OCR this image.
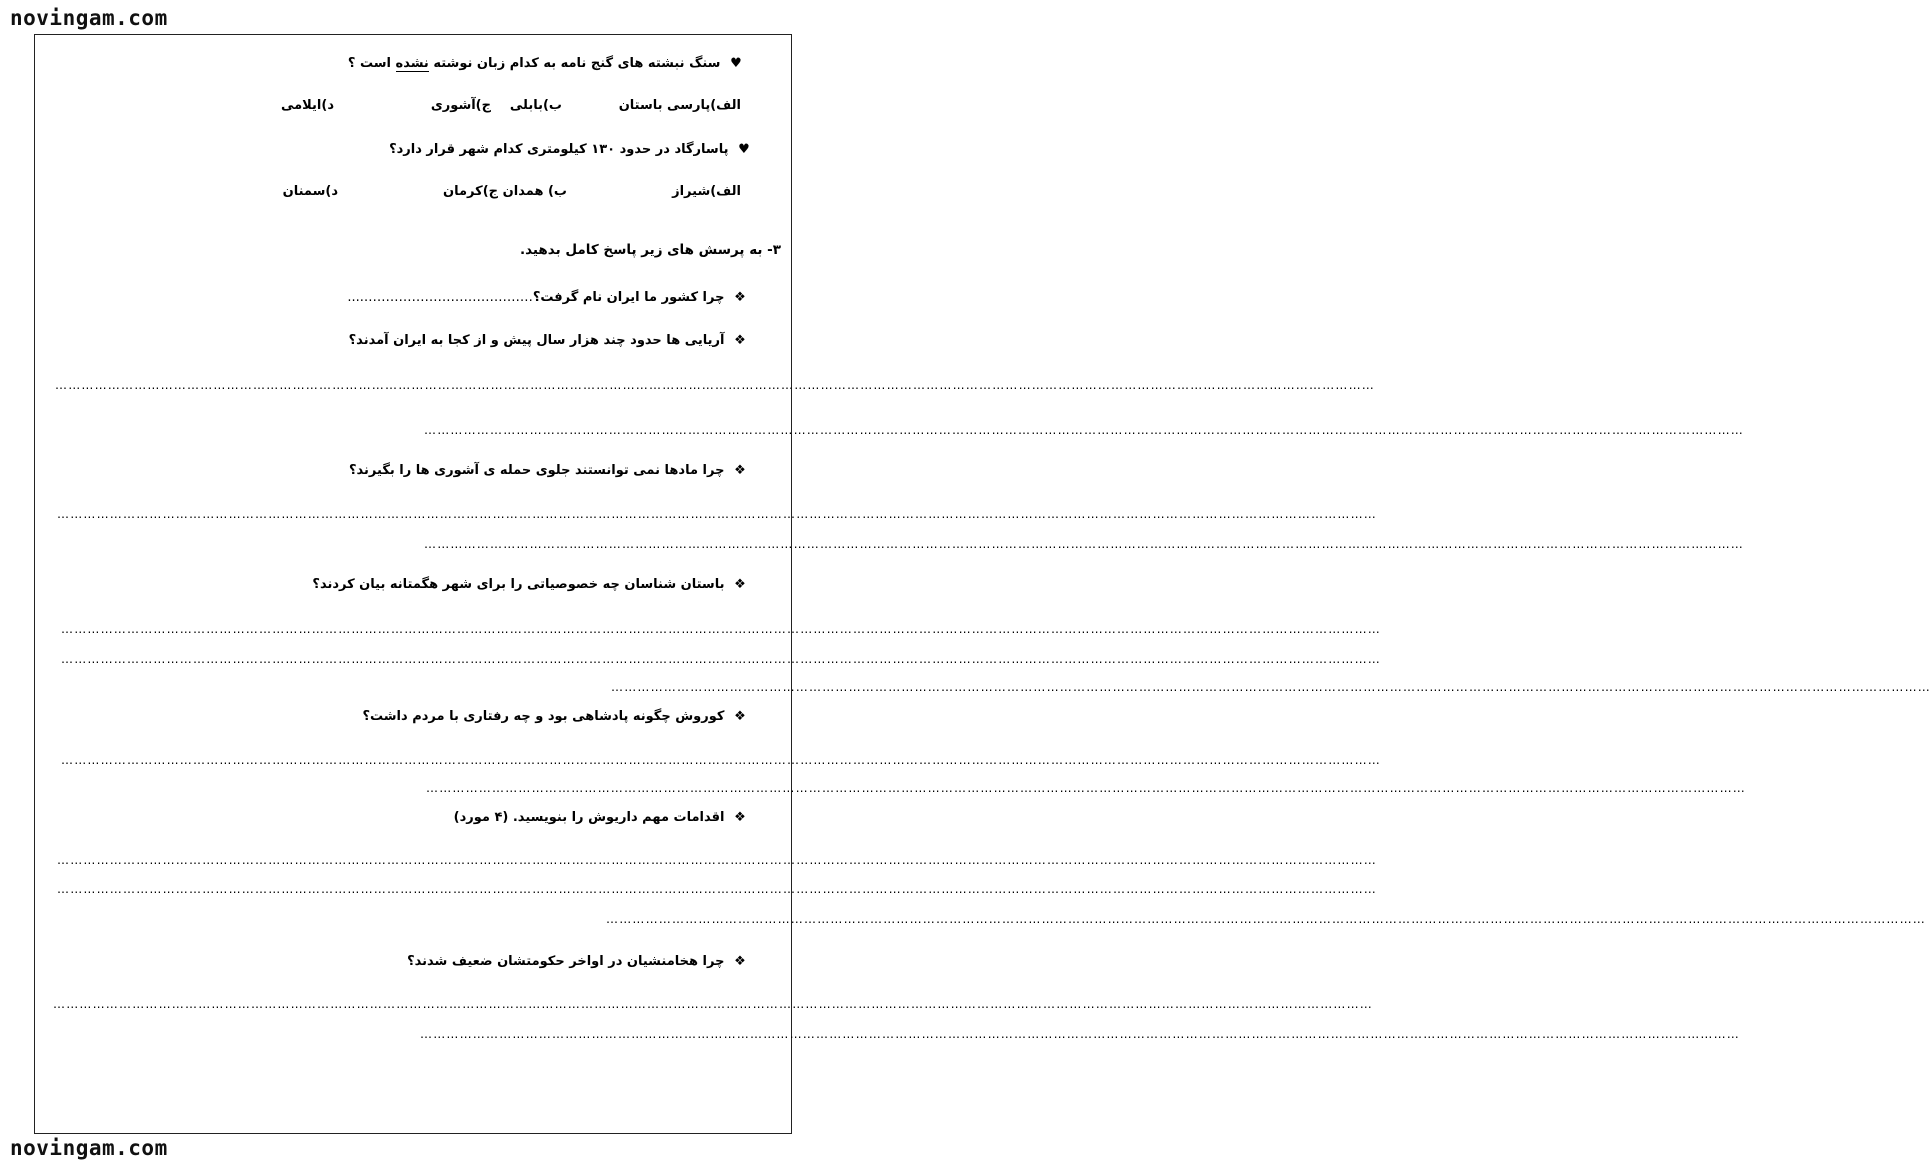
novingam.com
novingam.com
♥ سنگ نبشته های گنج نامه به کدام زبان نوشته نشده است ؟
الف)پارسی باستان
ب)بابلی
ج)آشوری
د)ایلامی
♥ پاسارگاد در حدود ۱۳۰ کیلومتری کدام شهر قرار دارد؟
الف)شیراز
ب) همدان
ج)کرمان
د)سمنان
۳- به پرسش های زیر پاسخ کامل بدهید.
❖ چرا کشور ما ایران نام گرفت؟…………………………………....
❖ آریایی ها حدود چند هزار سال پیش و از کجا به ایران آمدند؟
…………………………………………………………………………………………………………………………………………………………………………………………………………………………………………………………………………
…………………………………………………………………………………………………………………………………………………………………………………………………………………………………………………………………………
❖ چرا مادها نمی توانستند جلوی حمله ی آشوری ها را بگیرند؟
…………………………………………………………………………………………………………………………………………………………………………………………………………………………………………………………………………
…………………………………………………………………………………………………………………………………………………………………………………………………………………………………………………………………………
❖ باستان شناسان چه خصوصیاتی را برای شهر هگمتانه بیان کردند؟
…………………………………………………………………………………………………………………………………………………………………………………………………………………………………………………………………………
…………………………………………………………………………………………………………………………………………………………………………………………………………………………………………………………………………
…………………………………………………………………………………………………………………………………………………………………………………………………………………………………………………………………………
❖ کوروش چگونه پادشاهی بود و چه رفتاری با مردم داشت؟
…………………………………………………………………………………………………………………………………………………………………………………………………………………………………………………………………………
…………………………………………………………………………………………………………………………………………………………………………………………………………………………………………………………………………
❖ اقدامات مهم داریوش را بنویسید. (۴ مورد)
…………………………………………………………………………………………………………………………………………………………………………………………………………………………………………………………………………
…………………………………………………………………………………………………………………………………………………………………………………………………………………………………………………………………………
…………………………………………………………………………………………………………………………………………………………………………………………………………………………………………………………………………
❖ چرا هخامنشیان در اواخر حکومتشان ضعیف شدند؟
…………………………………………………………………………………………………………………………………………………………………………………………………………………………………………………………………………
…………………………………………………………………………………………………………………………………………………………………………………………………………………………………………………………………………
